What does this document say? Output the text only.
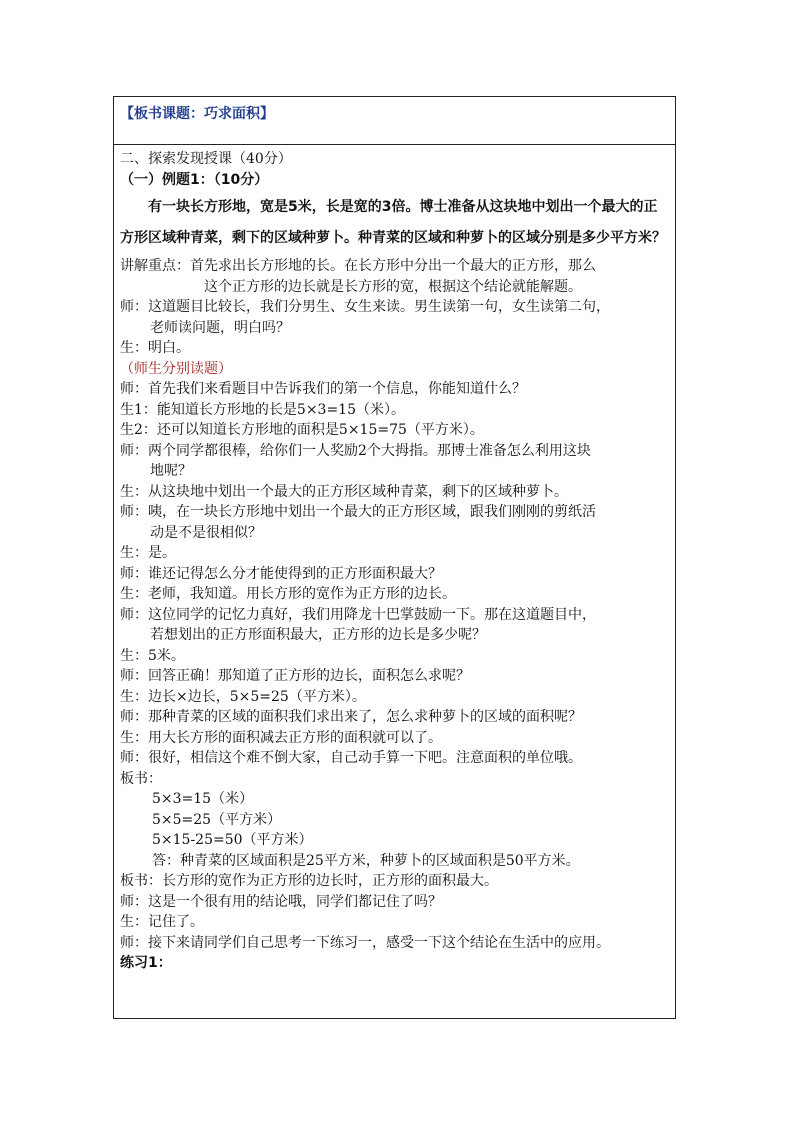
【板书课题：巧求面积】
二、探索发现授课（40分）
（一）例题1：（10分）
有一块长方形地，宽是5米，长是宽的3倍。博士准备从这块地中划出一个最大的正方形区域种青菜，剩下的区域种萝卜。种青菜的区域和种萝卜的区域分别是多少平方米？
讲解重点：首先求出长方形地的长。在长方形中分出一个最大的正方形，那么
这个正方形的边长就是长方形的宽，根据这个结论就能解题。
师：这道题目比较长，我们分男生、女生来读。男生读第一句，女生读第二句，
老师读问题，明白吗？
生：明白。
（师生分别读题）
师：首先我们来看题目中告诉我们的第一个信息，你能知道什么？
生1：能知道长方形地的长是5×3=15（米）。
生2：还可以知道长方形地的面积是5×15=75（平方米）。
师：两个同学都很棒，给你们一人奖励2个大拇指。那博士准备怎么利用这块
地呢？
生：从这块地中划出一个最大的正方形区域种青菜，剩下的区域种萝卜。
师：咦，在一块长方形地中划出一个最大的正方形区域，跟我们刚刚的剪纸活
动是不是很相似？
生：是。
师：谁还记得怎么分才能使得到的正方形面积最大？
生：老师，我知道。用长方形的宽作为正方形的边长。
师：这位同学的记忆力真好，我们用降龙十巴掌鼓励一下。那在这道题目中，
若想划出的正方形面积最大，正方形的边长是多少呢？
生：5米。
师：回答正确！那知道了正方形的边长，面积怎么求呢？
生：边长×边长，5×5=25（平方米）。
师：那种青菜的区域的面积我们求出来了，怎么求种萝卜的区域的面积呢？
生：用大长方形的面积减去正方形的面积就可以了。
师：很好，相信这个难不倒大家，自己动手算一下吧。注意面积的单位哦。
板书：
5×3=15（米）
5×5=25（平方米）
5×15-25=50（平方米）
答：种青菜的区域面积是25平方米，种萝卜的区域面积是50平方米。
板书：长方形的宽作为正方形的边长时，正方形的面积最大。
师：这是一个很有用的结论哦，同学们都记住了吗？
生：记住了。
师：接下来请同学们自己思考一下练习一，感受一下这个结论在生活中的应用。
练习1：
